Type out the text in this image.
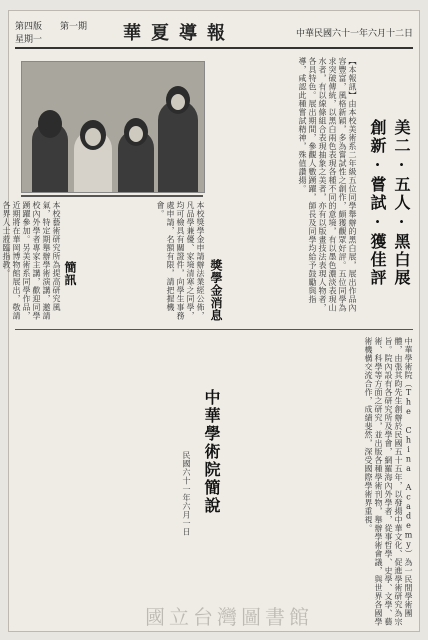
第四版　　第一期　　星期一	華夏導報	中華民國六十一年六月十二日
美二·五人·黑白展
創新·嘗試·獲佳評
【本報訊】由本校美術系二年級五位同學舉辦的黑白展，展出作品內容豐富，風格新穎，多為嘗試性之創作，頗獲觀眾好評。五位同學為求突破傳統，以黑白兩色表現各種不同的意境，有以墨色濃淡表現山水者，有以線條組合表現抽象之美者，亦有以版畫技法表現人物者，各具特色。展出期間，參觀人數踴躍，師長及同學均給予鼓勵與指導，咸認此種嘗試精神，殊值讚揚。
簡訊
本校藝術研究所為提高研究風氣，特定期舉辦學術演講，邀請校內外學者專家主講，歡迎同學踴躍參加。另美術系同學作品，近期將在華岡博物館展出，敬請各界人士蒞臨指教。
獎學金消息
本校獎學金申請辦法業經公佈，凡品學兼優、家境清寒之同學，均可檢具有關證件，向學生事務處申請，名額有限，請把握機會。
中華學術院簡說
民國六十一年六月一日	中華學術院（The China Academy）為一民間學術團體，由張其昀先生創辦於民國五十五年，以發揚中華文化、促進學術研究為宗旨。院內設有各研究所及學會，網羅海內外學者，從事哲學、史學、文學、藝術、科學等方面之研究，並出版各種學術刊物，舉辦學術會議，與世界各國學術機構交流合作，成績斐然，深受國際學術界重視。
國立台灣圖書館
